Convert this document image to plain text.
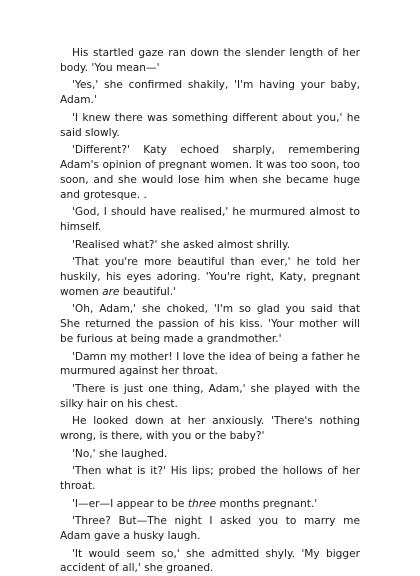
His startled gaze ran down the slender length of her body. 'You mean—'

'Yes,' she confirmed shakily, 'I'm having your baby, Adam.'

'I knew there was something different about you,' he said slowly.

'Different?' Katy echoed sharply, remembering Adam's opinion of pregnant women. It was too soon, too soon, and she would lose him when she became huge and grotesque. .

'God, I should have realised,' he murmured almost to himself.

'Realised what?' she asked almost shrilly.

'That you're more beautiful than ever,' he told her huskily, his eyes adoring. 'You're right, Katy, pregnant women are beautiful.'

'Oh, Adam,' she choked, 'I'm so glad you said that She returned the passion of his kiss. 'Your mother will be furious at being made a grandmother.'

'Damn my mother! I love the idea of being a father he murmured against her throat.

'There is just one thing, Adam,' she played with the silky hair on his chest.

He looked down at her anxiously. 'There's nothing wrong, is there, with you or the baby?'

'No,' she laughed.

'Then what is it?' His lips; probed the hollows of her throat.

'I—er—I appear to be three months pregnant.'

'Three? But—The night I asked you to marry me Adam gave a husky laugh.

'It would seem so,' she admitted shyly. 'My bigger accident of all,' she groaned.
